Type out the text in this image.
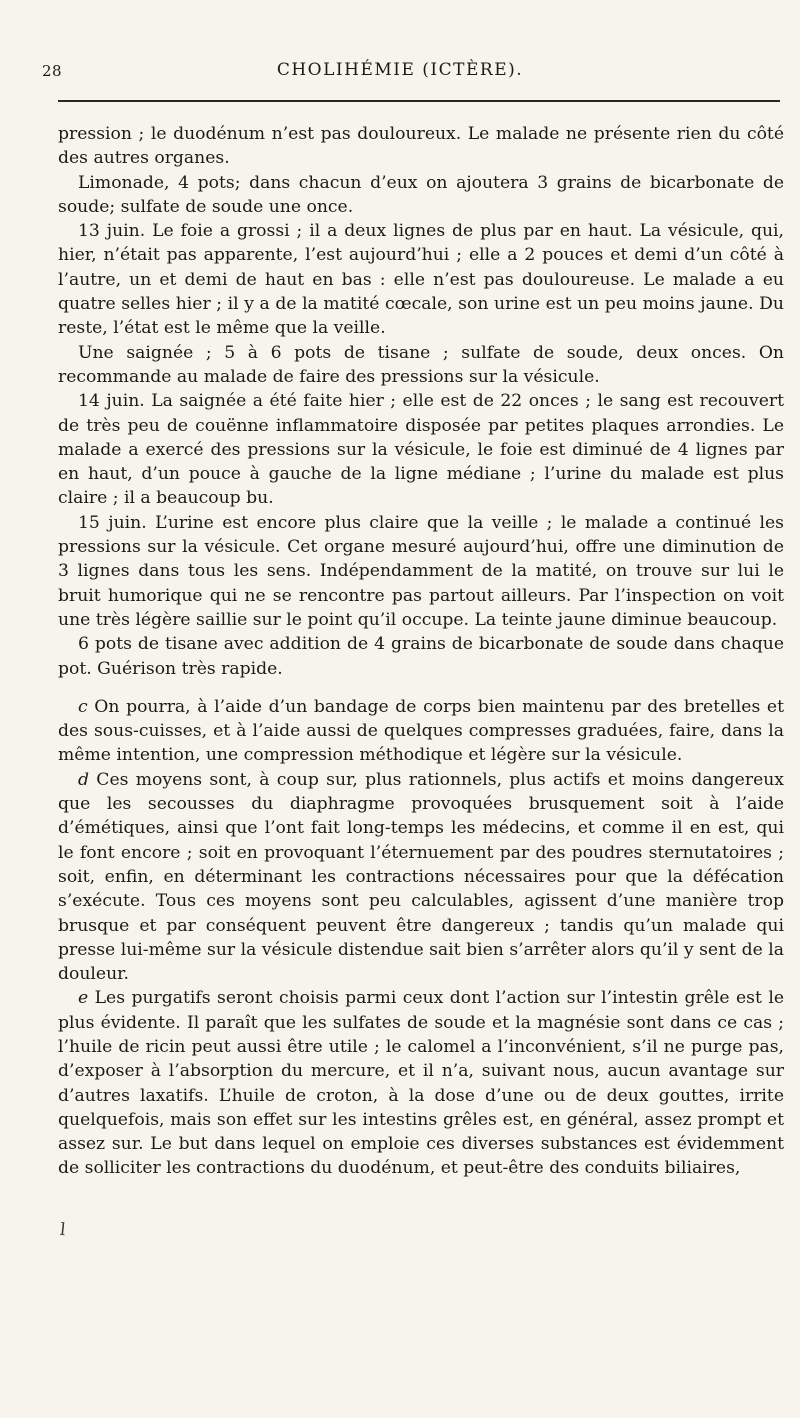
28	CHOLIHÉMIE (ICTÈRE).

pression ; le duodénum n’est pas douloureux. Le malade ne présente rien du côté des autres organes.

Limonade, 4 pots; dans chacun d’eux on ajoutera 3 grains de bicarbonate de soude; sulfate de soude une once.

13 juin. Le foie a grossi ; il a deux lignes de plus par en haut. La vésicule, qui, hier, n’était pas apparente, l’est aujourd’hui ; elle a 2 pouces et demi d’un côté à l’autre, un et demi de haut en bas : elle n’est pas douloureuse. Le malade a eu quatre selles hier ; il y a de la matité cœcale, son urine est un peu moins jaune. Du reste, l’état est le même que la veille.

Une saignée ; 5 à 6 pots de tisane ; sulfate de soude, deux onces. On recommande au malade de faire des pressions sur la vésicule.

14 juin. La saignée a été faite hier ; elle est de 22 onces ; le sang est recouvert de très peu de couënne inflammatoire disposée par petites plaques arrondies. Le malade a exercé des pressions sur la vésicule, le foie est diminué de 4 lignes par en haut, d’un pouce à gauche de la ligne médiane ; l’urine du malade est plus claire ; il a beaucoup bu.

15 juin. L’urine est encore plus claire que la veille ; le malade a continué les pressions sur la vésicule. Cet organe mesuré aujourd’hui, offre une diminution de 3 lignes dans tous les sens. Indépendamment de la matité, on trouve sur lui le bruit humorique qui ne se rencontre pas partout ailleurs. Par l’inspection on voit une très légère saillie sur le point qu’il occupe. La teinte jaune diminue beaucoup.

6 pots de tisane avec addition de 4 grains de bicarbonate de soude dans chaque pot. Guérison très rapide.

c On pourra, à l’aide d’un bandage de corps bien maintenu par des bretelles et des sous-cuisses, et à l’aide aussi de quelques compresses graduées, faire, dans la même intention, une compression méthodique et légère sur la vésicule.

d Ces moyens sont, à coup sur, plus rationnels, plus actifs et moins dangereux que les secousses du diaphragme provoquées brusquement soit à l’aide d’émétiques, ainsi que l’ont fait long-temps les médecins, et comme il en est, qui le font encore ; soit en provoquant l’éternuement par des poudres sternutatoires ; soit, enfin, en déterminant les contractions nécessaires pour que la défécation s’exécute. Tous ces moyens sont peu calculables, agissent d’une manière trop brusque et par conséquent peuvent être dangereux ; tandis qu’un malade qui presse lui-même sur la vésicule distendue sait bien s’arrêter alors qu’il y sent de la douleur.

e Les purgatifs seront choisis parmi ceux dont l’action sur l’intestin grêle est le plus évidente. Il paraît que les sulfates de soude et la magnésie sont dans ce cas ; l’huile de ricin peut aussi être utile ; le calomel a l’inconvénient, s’il ne purge pas, d’exposer à l’absorption du mercure, et il n’a, suivant nous, aucun avantage sur d’autres laxatifs. L’huile de croton, à la dose d’une ou de deux gouttes, irrite quelquefois, mais son effet sur les intestins grêles est, en général, assez prompt et assez sur. Le but dans lequel on emploie ces diverses substances est évidemment de solliciter les contractions du duodénum, et peut-être des conduits biliaires,

l
